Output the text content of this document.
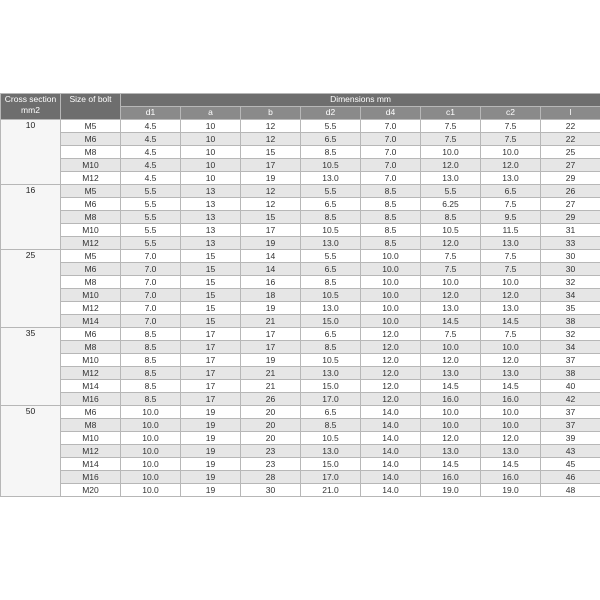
Cross section mm2	Size of bolt	Dimensions mm							
		d1	a	b	d2	d4	c1	c2	l
10	M5	4.5	10	12	5.5	7.0	7.5	7.5	22
	M6	4.5	10	12	6.5	7.0	7.5	7.5	22
	M8	4.5	10	15	8.5	7.0	10.0	10.0	25
	M10	4.5	10	17	10.5	7.0	12.0	12.0	27
	M12	4.5	10	19	13.0	7.0	13.0	13.0	29
16	M5	5.5	13	12	5.5	8.5	5.5	6.5	26
	M6	5.5	13	12	6.5	8.5	6.25	7.5	27
	M8	5.5	13	15	8.5	8.5	8.5	9.5	29
	M10	5.5	13	17	10.5	8.5	10.5	11.5	31
	M12	5.5	13	19	13.0	8.5	12.0	13.0	33
25	M5	7.0	15	14	5.5	10.0	7.5	7.5	30
	M6	7.0	15	14	6.5	10.0	7.5	7.5	30
	M8	7.0	15	16	8.5	10.0	10.0	10.0	32
	M10	7.0	15	18	10.5	10.0	12.0	12.0	34
	M12	7.0	15	19	13.0	10.0	13.0	13.0	35
	M14	7.0	15	21	15.0	10.0	14.5	14.5	38
35	M6	8.5	17	17	6.5	12.0	7.5	7.5	32
	M8	8.5	17	17	8.5	12.0	10.0	10.0	34
	M10	8.5	17	19	10.5	12.0	12.0	12.0	37
	M12	8.5	17	21	13.0	12.0	13.0	13.0	38
	M14	8.5	17	21	15.0	12.0	14.5	14.5	40
	M16	8.5	17	26	17.0	12.0	16.0	16.0	42
50	M6	10.0	19	20	6.5	14.0	10.0	10.0	37
	M8	10.0	19	20	8.5	14.0	10.0	10.0	37
	M10	10.0	19	20	10.5	14.0	12.0	12.0	39
	M12	10.0	19	23	13.0	14.0	13.0	13.0	43
	M14	10.0	19	23	15.0	14.0	14.5	14.5	45
	M16	10.0	19	28	17.0	14.0	16.0	16.0	46
	M20	10.0	19	30	21.0	14.0	19.0	19.0	48
